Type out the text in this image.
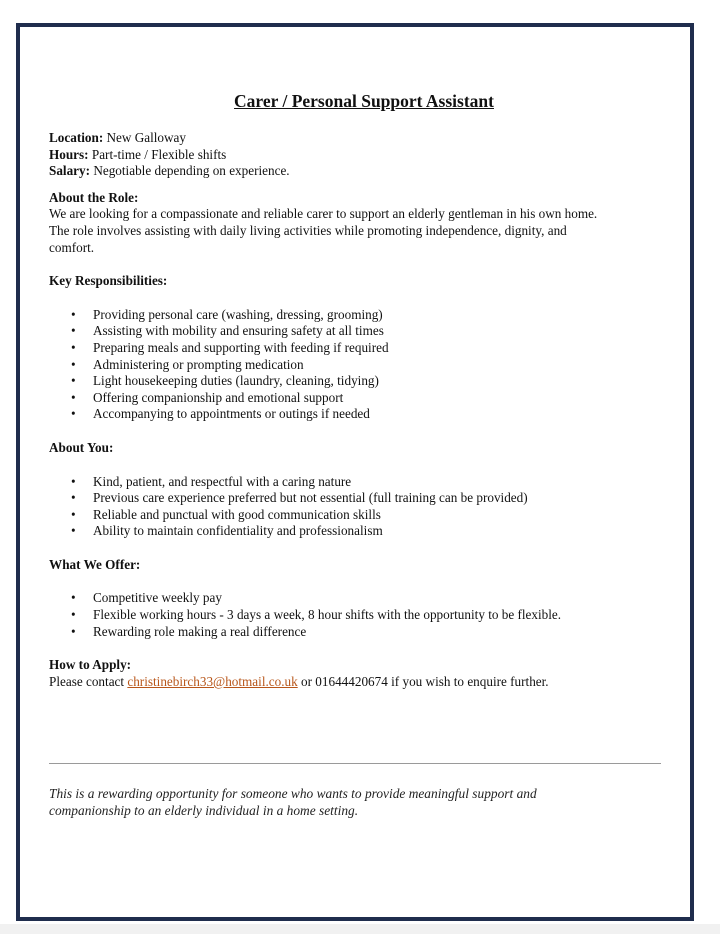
Carer / Personal Support Assistant

Location: New Galloway

Hours: Part-time / Flexible shifts

Salary: Negotiable depending on experience.

About the Role:

We are looking for a compassionate and reliable carer to support an elderly gentleman in his own home.

The role involves assisting with daily living activities while promoting independence, dignity, and

comfort.

Key Responsibilities:

• Providing personal care (washing, dressing, grooming)
• Assisting with mobility and ensuring safety at all times
• Preparing meals and supporting with feeding if required
• Administering or prompting medication
• Light housekeeping duties (laundry, cleaning, tidying)
• Offering companionship and emotional support
• Accompanying to appointments or outings if needed

About You:

• Kind, patient, and respectful with a caring nature
• Previous care experience preferred but not essential (full training can be provided)
• Reliable and punctual with good communication skills
• Ability to maintain confidentiality and professionalism

What We Offer:

• Competitive weekly pay
• Flexible working hours - 3 days a week, 8 hour shifts with the opportunity to be flexible.
• Rewarding role making a real difference

How to Apply:

Please contact christinebirch33@hotmail.co.uk or 01644420674 if you wish to enquire further.

This is a rewarding opportunity for someone who wants to provide meaningful support and
companionship to an elderly individual in a home setting.
